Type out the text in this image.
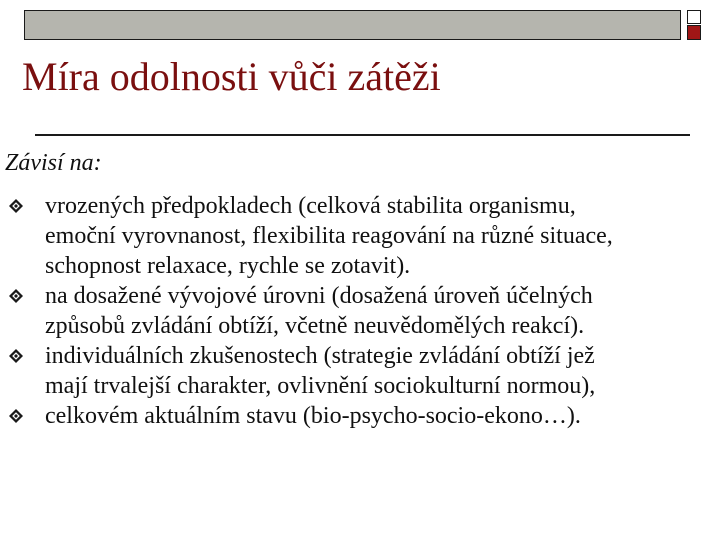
Míra odolnosti vůči zátěži
Závisí na:
vrozených předpokladech (celková stabilita organismu,
emoční vyrovnanost, flexibilita reagování na různé situace,
schopnost relaxace, rychle se zotavit).
na dosažené vývojové úrovni (dosažená úroveň účelných
způsobů zvládání obtíží, včetně neuvědomělých reakcí).
individuálních zkušenostech (strategie zvládání obtíží jež
mají trvalejší charakter, ovlivnění sociokulturní normou),
celkovém aktuálním stavu (bio-psycho-socio-ekono…).
